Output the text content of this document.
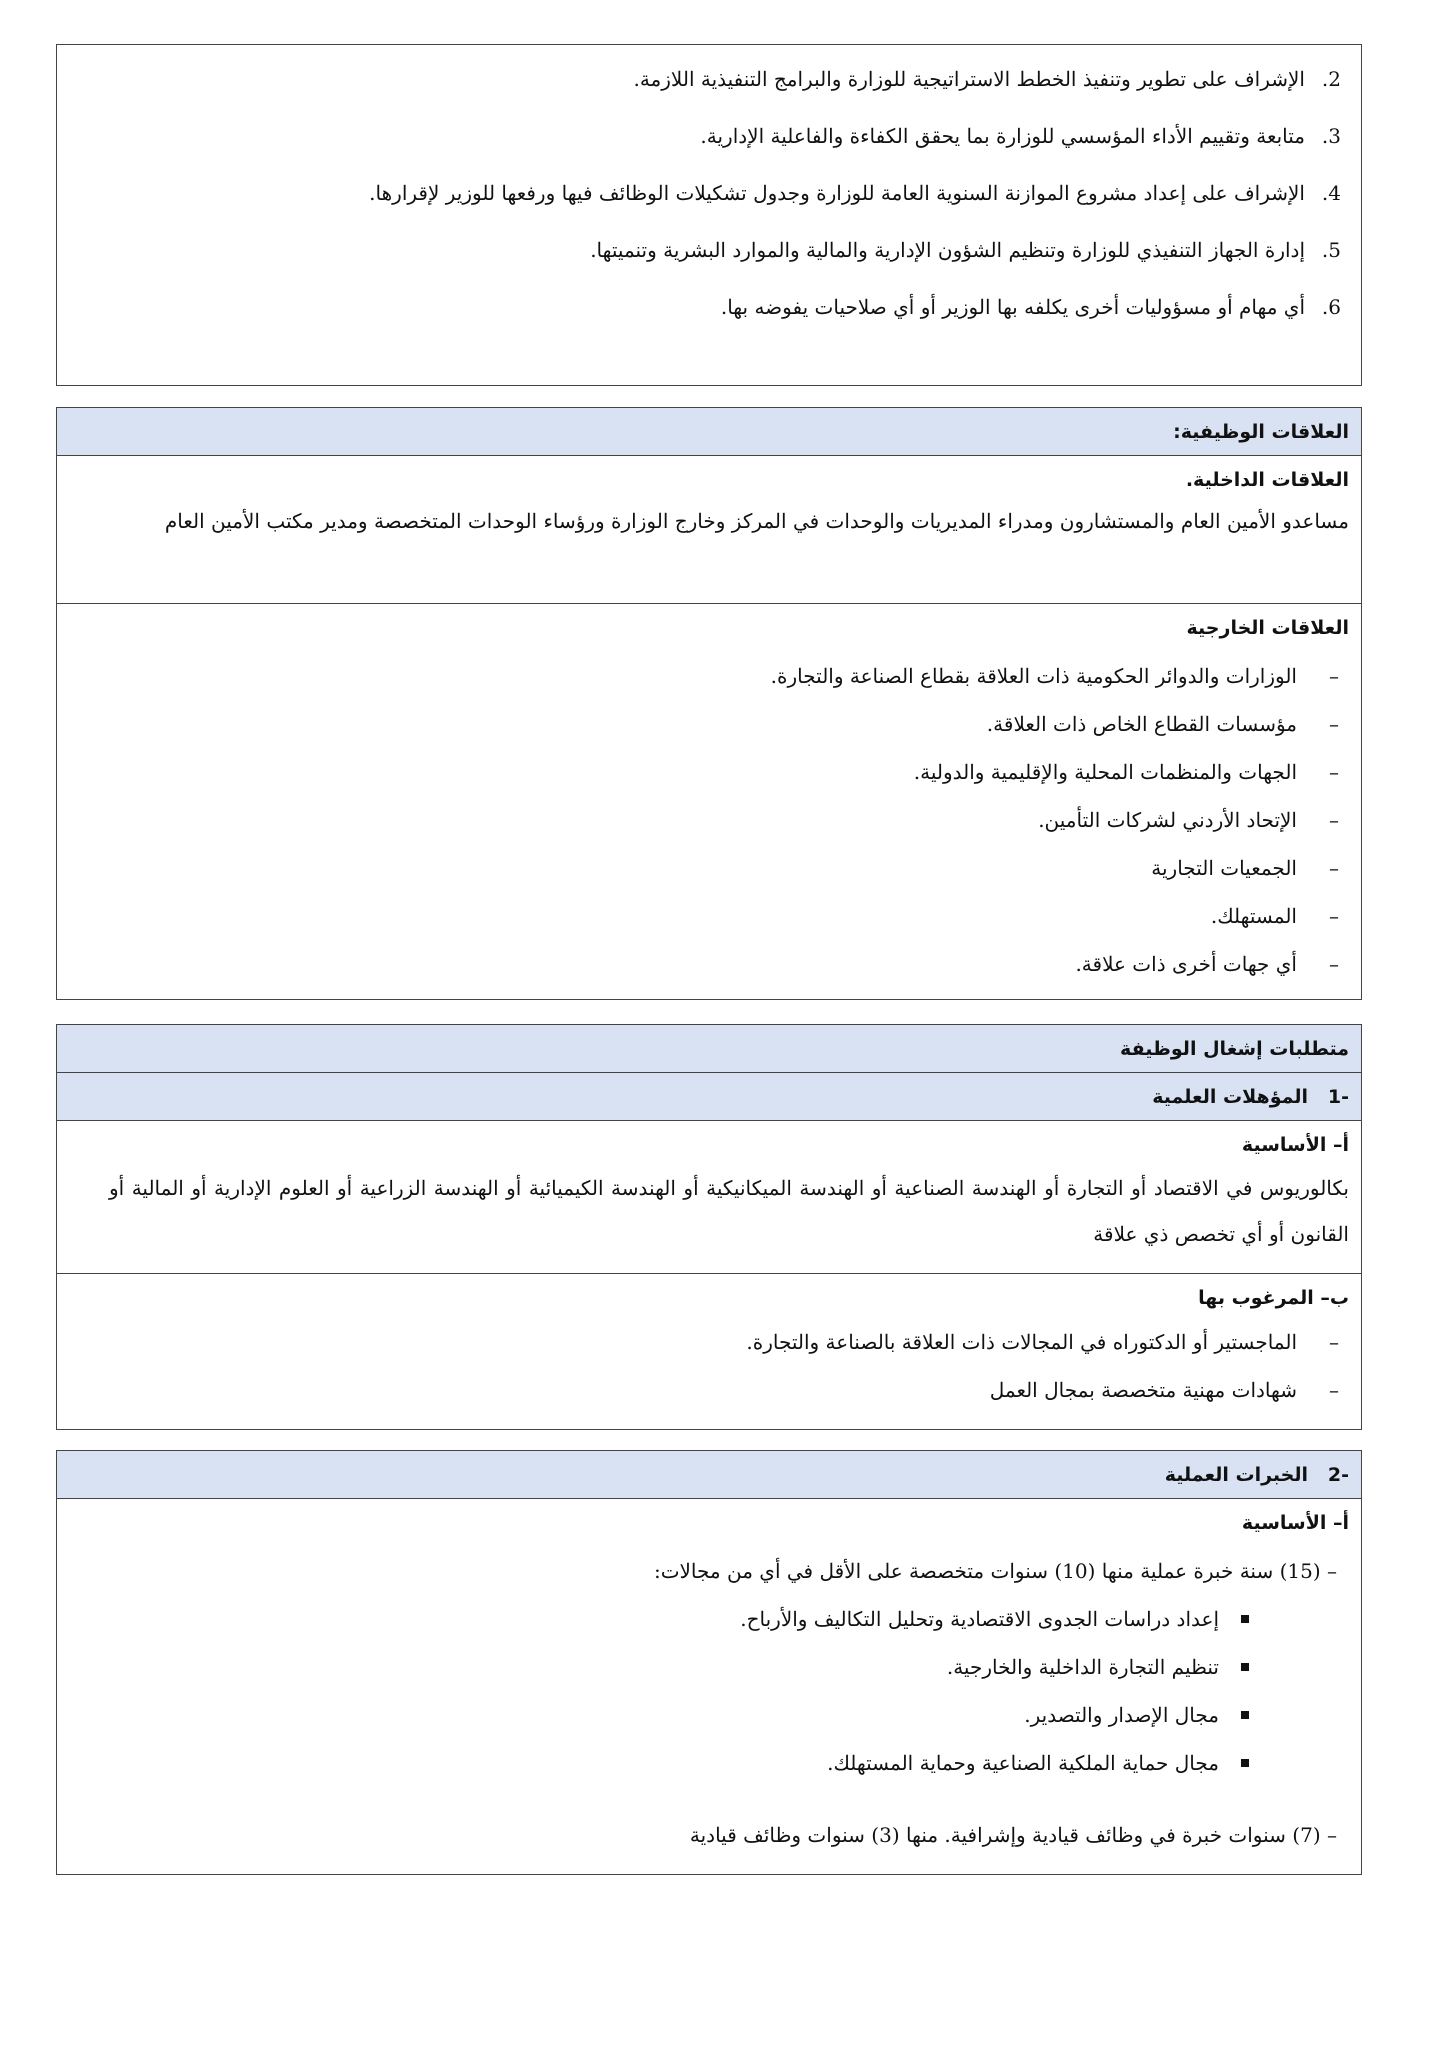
2.
الإشراف على تطوير وتنفيذ الخطط الاستراتيجية للوزارة والبرامج التنفيذية اللازمة.
3.
متابعة وتقييم الأداء المؤسسي للوزارة بما يحقق الكفاءة والفاعلية الإدارية.
4.
الإشراف على إعداد مشروع الموازنة السنوية العامة للوزارة وجدول تشكيلات الوظائف فيها ورفعها للوزير لإقرارها.
5.
إدارة الجهاز التنفيذي للوزارة وتنظيم الشؤون الإدارية والمالية والموارد البشرية وتنميتها.
6.
أي مهام أو مسؤوليات أخرى يكلفه بها الوزير أو أي صلاحيات يفوضه بها.
العلاقات الوظيفية:
العلاقات الداخلية.
مساعدو الأمين العام والمستشارون ومدراء المديريات والوحدات في المركز وخارج الوزارة ورؤساء الوحدات المتخصصة ومدير مكتب الأمين العام
العلاقات الخارجية
–
الوزارات والدوائر الحكومية ذات العلاقة بقطاع الصناعة والتجارة.
–
مؤسسات القطاع الخاص ذات العلاقة.
–
الجهات والمنظمات المحلية والإقليمية والدولية.
–
الإتحاد الأردني لشركات التأمين.
–
الجمعيات التجارية
–
المستهلك.
–
أي جهات أخرى ذات علاقة.
متطلبات إشغال الوظيفة
-1   المؤهلات العلمية
أ– الأساسية
بكالوريوس في الاقتصاد أو التجارة أو الهندسة الصناعية أو الهندسة الميكانيكية أو الهندسة الكيميائية أو الهندسة الزراعية أو العلوم الإدارية أو المالية أو القانون أو أي تخصص ذي علاقة
ب– المرغوب بها
–
الماجستير أو الدكتوراه في المجالات ذات العلاقة بالصناعة والتجارة.
–
شهادات مهنية متخصصة بمجال العمل
-2   الخبرات العملية
أ– الأساسية
– (15) سنة خبرة عملية منها (10) سنوات متخصصة على الأقل في أي من مجالات:
إعداد دراسات الجدوى الاقتصادية وتحليل التكاليف والأرباح.
تنظيم التجارة الداخلية والخارجية.
مجال الإصدار والتصدير.
مجال حماية الملكية الصناعية وحماية المستهلك.
– (7) سنوات خبرة في وظائف قيادية وإشرافية. منها (3) سنوات وظائف قيادية
